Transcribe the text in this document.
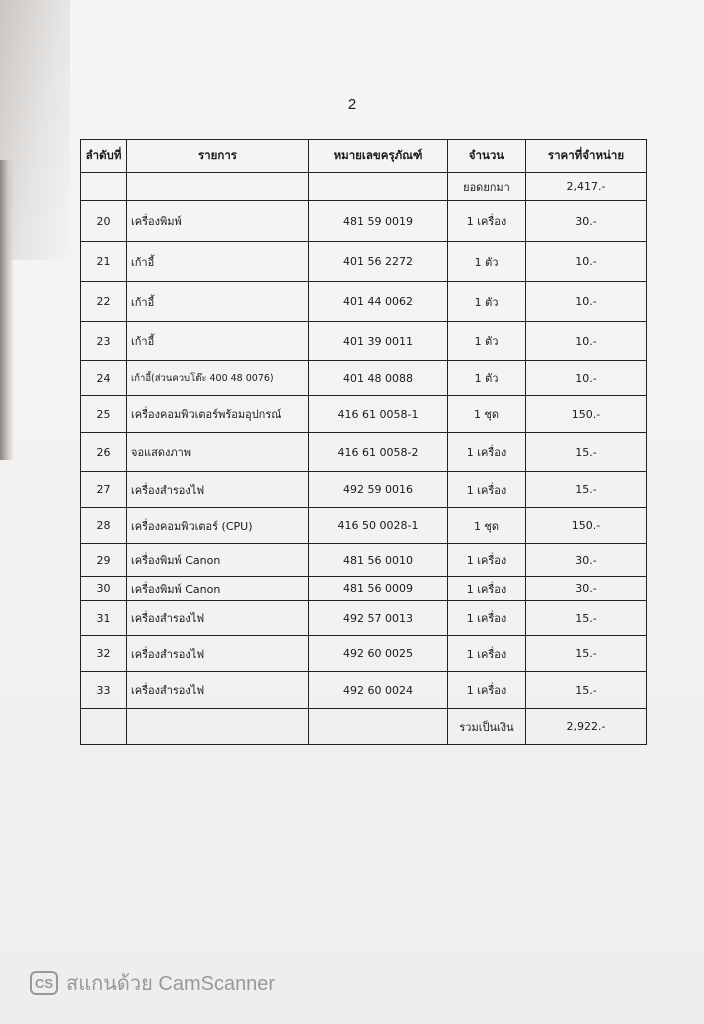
2
ลำดับที่	รายการ	หมายเลขครุภัณฑ์	จำนวน	ราคาที่จำหน่าย
			ยอดยกมา	2,417.-
20	เครื่องพิมพ์	481 59 0019	1 เครื่อง	30.-
21	เก้าอี้	401 56 2272	1 ตัว	10.-
22	เก้าอี้	401 44 0062	1 ตัว	10.-
23	เก้าอี้	401 39 0011	1 ตัว	10.-
24	เก้าอี้(ส่วนควบโต๊ะ 400 48 0076)	401 48 0088	1 ตัว	10.-
25	เครื่องคอมพิวเตอร์พร้อมอุปกรณ์	416 61 0058-1	1 ชุด	150.-
26	จอแสดงภาพ	416 61 0058-2	1 เครื่อง	15.-
27	เครื่องสำรองไฟ	492 59 0016	1 เครื่อง	15.-
28	เครื่องคอมพิวเตอร์ (CPU)	416 50 0028-1	1 ชุด	150.-
29	เครื่องพิมพ์ Canon	481 56 0010	1 เครื่อง	30.-
30	เครื่องพิมพ์ Canon	481 56 0009	1 เครื่อง	30.-
31	เครื่องสำรองไฟ	492 57 0013	1 เครื่อง	15.-
32	เครื่องสำรองไฟ	492 60 0025	1 เครื่อง	15.-
33	เครื่องสำรองไฟ	492 60 0024	1 เครื่อง	15.-
			รวมเป็นเงิน	2,922.-
CS สแกนด้วย CamScanner
